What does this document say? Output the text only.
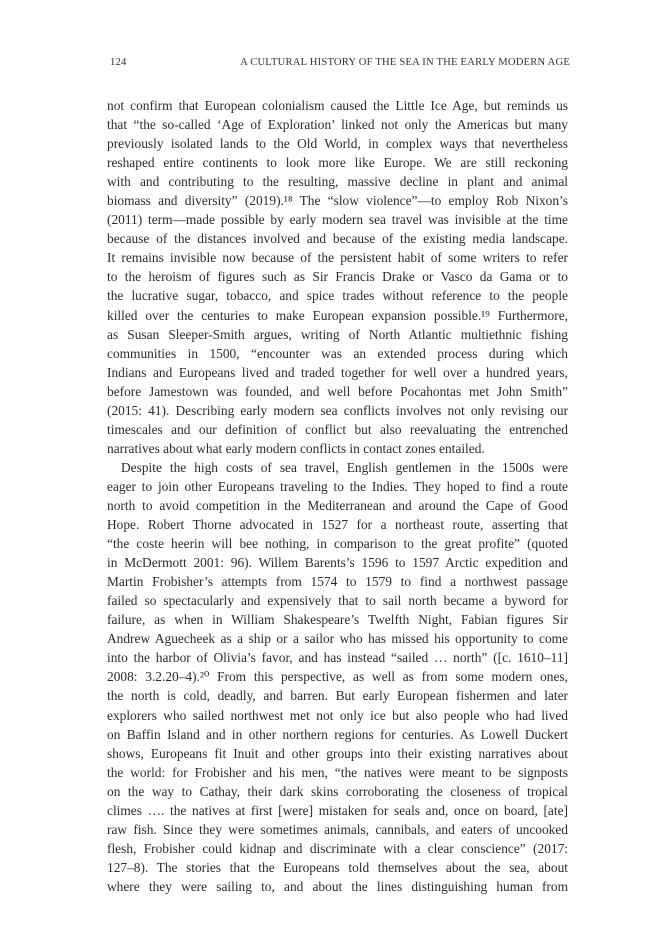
124	A CULTURAL HISTORY OF THE SEA IN THE EARLY MODERN AGE
not confirm that European colonialism caused the Little Ice Age, but reminds us
that “the so-called ‘Age of Exploration’ linked not only the Americas but many
previously isolated lands to the Old World, in complex ways that nevertheless
reshaped entire continents to look more like Europe. We are still reckoning
with and contributing to the resulting, massive decline in plant and animal
biomass and diversity” (2019).¹⁸ The “slow violence”—to employ Rob Nixon’s
(2011) term—made possible by early modern sea travel was invisible at the time
because of the distances involved and because of the existing media landscape.
It remains invisible now because of the persistent habit of some writers to refer
to the heroism of figures such as Sir Francis Drake or Vasco da Gama or to
the lucrative sugar, tobacco, and spice trades without reference to the people
killed over the centuries to make European expansion possible.¹⁹ Furthermore,
as Susan Sleeper-Smith argues, writing of North Atlantic multiethnic fishing
communities in 1500, “encounter was an extended process during which
Indians and Europeans lived and traded together for well over a hundred years,
before Jamestown was founded, and well before Pocahontas met John Smith”
(2015: 41). Describing early modern sea conflicts involves not only revising our
timescales and our definition of conflict but also reevaluating the entrenched
narratives about what early modern conflicts in contact zones entailed.
Despite the high costs of sea travel, English gentlemen in the 1500s were
eager to join other Europeans traveling to the Indies. They hoped to find a route
north to avoid competition in the Mediterranean and around the Cape of Good
Hope. Robert Thorne advocated in 1527 for a northeast route, asserting that
“the coste heerin will bee nothing, in comparison to the great profite” (quoted
in McDermott 2001: 96). Willem Barents’s 1596 to 1597 Arctic expedition and
Martin Frobisher’s attempts from 1574 to 1579 to find a northwest passage
failed so spectacularly and expensively that to sail north became a byword for
failure, as when in William Shakespeare’s Twelfth Night, Fabian figures Sir
Andrew Aguecheek as a ship or a sailor who has missed his opportunity to come
into the harbor of Olivia’s favor, and has instead “sailed … north” ([c. 1610–11]
2008: 3.2.20–4).²⁰ From this perspective, as well as from some modern ones,
the north is cold, deadly, and barren. But early European fishermen and later
explorers who sailed northwest met not only ice but also people who had lived
on Baffin Island and in other northern regions for centuries. As Lowell Duckert
shows, Europeans fit Inuit and other groups into their existing narratives about
the world: for Frobisher and his men, “the natives were meant to be signposts
on the way to Cathay, their dark skins corroborating the closeness of tropical
climes …. the natives at first [were] mistaken for seals and, once on board, [ate]
raw fish. Since they were sometimes animals, cannibals, and eaters of uncooked
flesh, Frobisher could kidnap and discriminate with a clear conscience” (2017:
127–8). The stories that the Europeans told themselves about the sea, about
where they were sailing to, and about the lines distinguishing human from
